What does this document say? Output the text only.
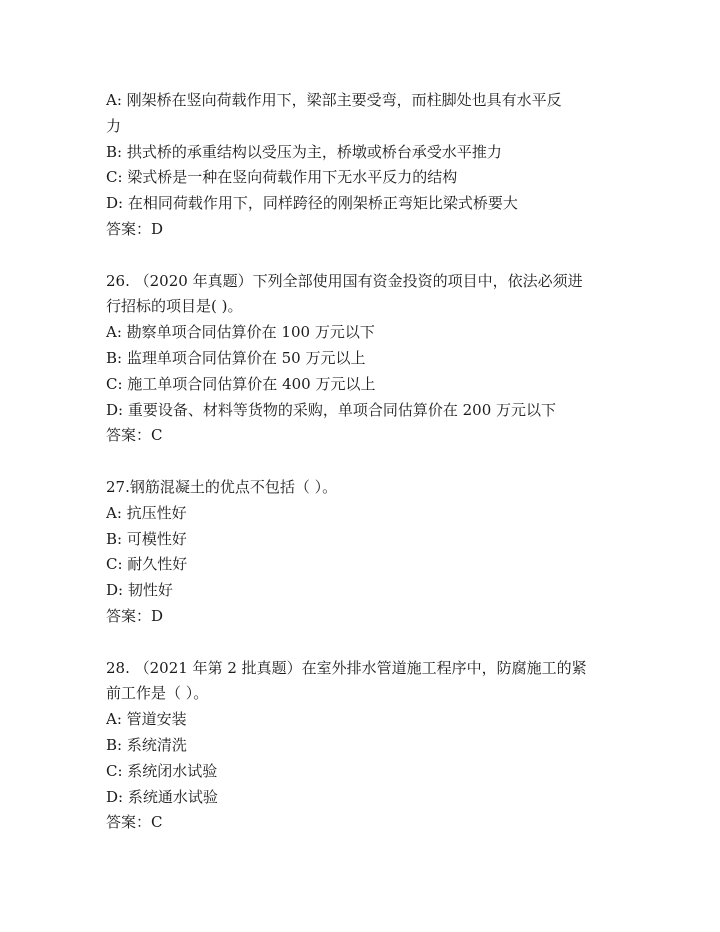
A: 刚架桥在竖向荷载作用下，梁部主要受弯，而柱脚处也具有水平反
力
B: 拱式桥的承重结构以受压为主，桥墩或桥台承受水平推力
C: 梁式桥是一种在竖向荷载作用下无水平反力的结构
D: 在相同荷载作用下，同样跨径的刚架桥正弯矩比梁式桥要大
答案：D
26. （2020 年真题）下列全部使用国有资金投资的项目中，依法必须进
行招标的项目是( )。
A: 勘察单项合同估算价在 100 万元以下
B: 监理单项合同估算价在 50 万元以上
C: 施工单项合同估算价在 400 万元以上
D: 重要设备、材料等货物的采购，单项合同估算价在 200 万元以下
答案：C
27.钢筋混凝土的优点不包括（ ）。
A: 抗压性好
B: 可模性好
C: 耐久性好
D: 韧性好
答案：D
28. （2021 年第 2 批真题）在室外排水管道施工程序中，防腐施工的紧
前工作是（ ）。
A: 管道安装
B: 系统清洗
C: 系统闭水试验
D: 系统通水试验
答案：C
